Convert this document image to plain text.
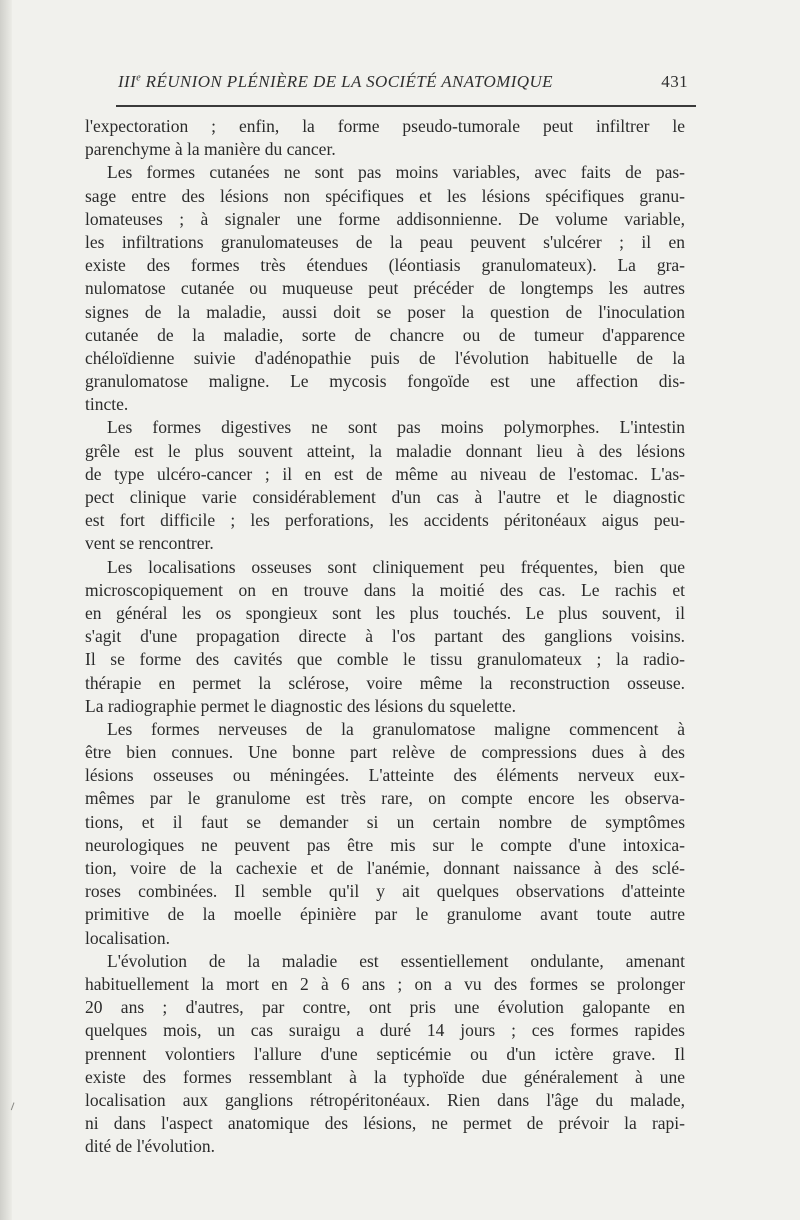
IIIe RÉUNION PLÉNIÈRE DE LA SOCIÉTÉ ANATOMIQUE	431
l'expectoration ; enfin, la forme pseudo-tumorale peut infiltrer le
parenchyme à la manière du cancer.
Les formes cutanées ne sont pas moins variables, avec faits de pas-
sage entre des lésions non spécifiques et les lésions spécifiques granu-
lomateuses ; à signaler une forme addisonnienne. De volume variable,
les infiltrations granulomateuses de la peau peuvent s'ulcérer ; il en
existe des formes très étendues (léontiasis granulomateux). La gra-
nulomatose cutanée ou muqueuse peut précéder de longtemps les autres
signes de la maladie, aussi doit se poser la question de l'inoculation
cutanée de la maladie, sorte de chancre ou de tumeur d'apparence
chéloïdienne suivie d'adénopathie puis de l'évolution habituelle de la
granulomatose maligne. Le mycosis fongoïde est une affection dis-
tincte.
Les formes digestives ne sont pas moins polymorphes. L'intestin
grêle est le plus souvent atteint, la maladie donnant lieu à des lésions
de type ulcéro-cancer ; il en est de même au niveau de l'estomac. L'as-
pect clinique varie considérablement d'un cas à l'autre et le diagnostic
est fort difficile ; les perforations, les accidents péritonéaux aigus peu-
vent se rencontrer.
Les localisations osseuses sont cliniquement peu fréquentes, bien que
microscopiquement on en trouve dans la moitié des cas. Le rachis et
en général les os spongieux sont les plus touchés. Le plus souvent, il
s'agit d'une propagation directe à l'os partant des ganglions voisins.
Il se forme des cavités que comble le tissu granulomateux ; la radio-
thérapie en permet la sclérose, voire même la reconstruction osseuse.
La radiographie permet le diagnostic des lésions du squelette.
Les formes nerveuses de la granulomatose maligne commencent à
être bien connues. Une bonne part relève de compressions dues à des
lésions osseuses ou méningées. L'atteinte des éléments nerveux eux-
mêmes par le granulome est très rare, on compte encore les observa-
tions, et il faut se demander si un certain nombre de symptômes
neurologiques ne peuvent pas être mis sur le compte d'une intoxica-
tion, voire de la cachexie et de l'anémie, donnant naissance à des sclé-
roses combinées. Il semble qu'il y ait quelques observations d'atteinte
primitive de la moelle épinière par le granulome avant toute autre
localisation.
L'évolution de la maladie est essentiellement ondulante, amenant
habituellement la mort en 2 à 6 ans ; on a vu des formes se prolonger
20 ans ; d'autres, par contre, ont pris une évolution galopante en
quelques mois, un cas suraigu a duré 14 jours ; ces formes rapides
prennent volontiers l'allure d'une septicémie ou d'un ictère grave. Il
existe des formes ressemblant à la typhoïde due généralement à une
localisation aux ganglions rétropéritonéaux. Rien dans l'âge du malade,
ni dans l'aspect anatomique des lésions, ne permet de prévoir la rapi-
dité de l'évolution.
